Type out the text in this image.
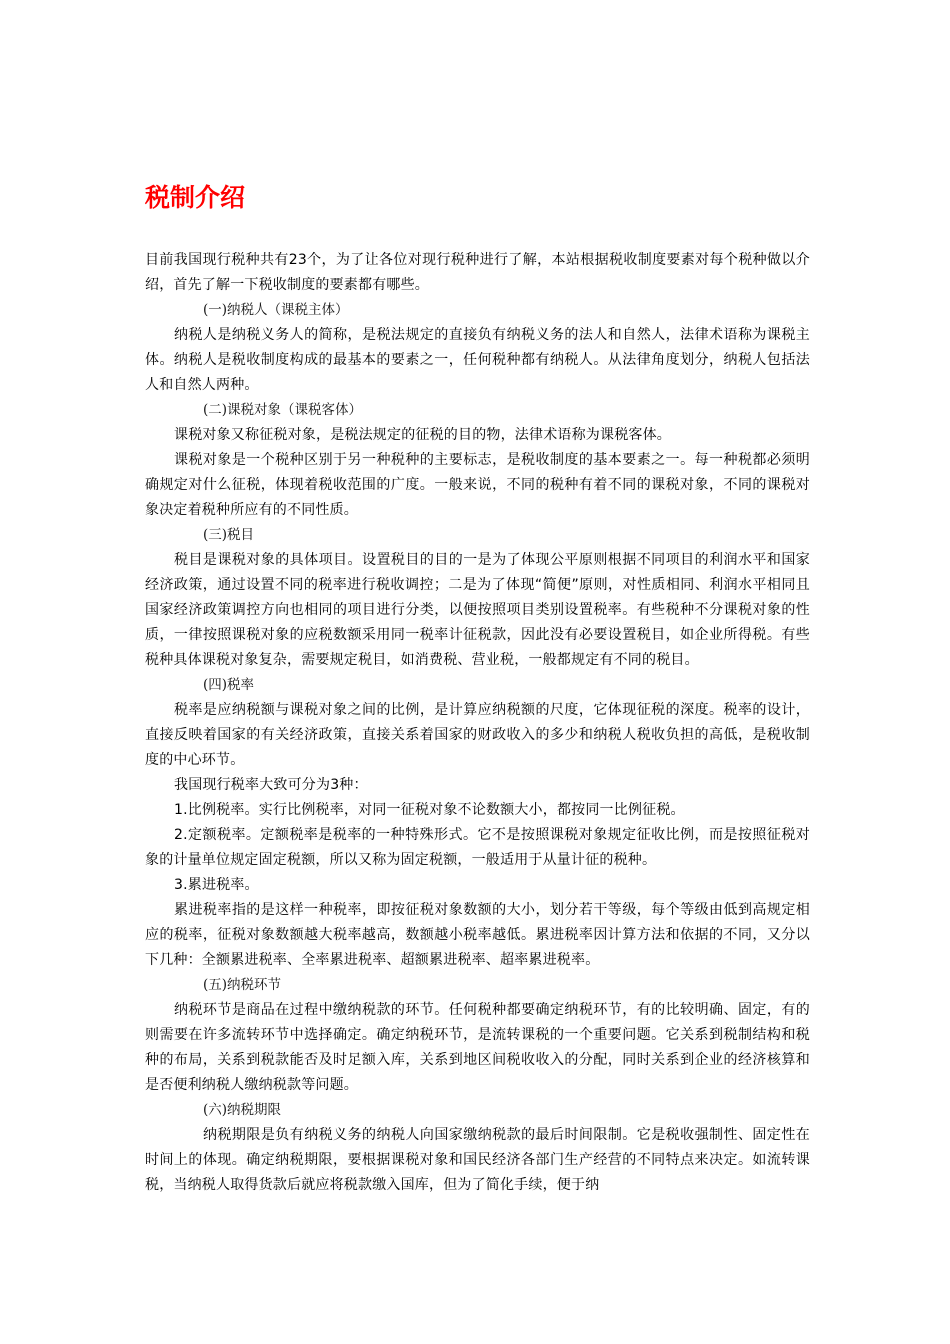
税制介绍

目前我国现行税种共有23个，为了让各位对现行税种进行了解，本站根据税收制度要素对每个税种做以介绍，首先了解一下税收制度的要素都有哪些。

(一)纳税人（课税主体）

纳税人是纳税义务人的简称，是税法规定的直接负有纳税义务的法人和自然人，法律术语称为课税主体。纳税人是税收制度构成的最基本的要素之一，任何税种都有纳税人。从法律角度划分，纳税人包括法人和自然人两种。

(二)课税对象（课税客体）

课税对象又称征税对象，是税法规定的征税的目的物，法律术语称为课税客体。

课税对象是一个税种区别于另一种税种的主要标志，是税收制度的基本要素之一。每一种税都必须明确规定对什么征税，体现着税收范围的广度。一般来说，不同的税种有着不同的课税对象，不同的课税对象决定着税种所应有的不同性质。

(三)税目

税目是课税对象的具体项目。设置税目的目的一是为了体现公平原则根据不同项目的利润水平和国家经济政策，通过设置不同的税率进行税收调控；二是为了体现“简便”原则，对性质相同、利润水平相同且国家经济政策调控方向也相同的项目进行分类，以便按照项目类别设置税率。有些税种不分课税对象的性质，一律按照课税对象的应税数额采用同一税率计征税款，因此没有必要设置税目，如企业所得税。有些税种具体课税对象复杂，需要规定税目，如消费税、营业税，一般都规定有不同的税目。

(四)税率

税率是应纳税额与课税对象之间的比例，是计算应纳税额的尺度，它体现征税的深度。税率的设计，直接反映着国家的有关经济政策，直接关系着国家的财政收入的多少和纳税人税收负担的高低，是税收制度的中心环节。

我国现行税率大致可分为3种：

1.比例税率。实行比例税率，对同一征税对象不论数额大小，都按同一比例征税。

2.定额税率。定额税率是税率的一种特殊形式。它不是按照课税对象规定征收比例，而是按照征税对象的计量单位规定固定税额，所以又称为固定税额，一般适用于从量计征的税种。

3.累进税率。

累进税率指的是这样一种税率，即按征税对象数额的大小，划分若干等级，每个等级由低到高规定相应的税率，征税对象数额越大税率越高，数额越小税率越低。累进税率因计算方法和依据的不同，又分以下几种：全额累进税率、全率累进税率、超额累进税率、超率累进税率。

(五)纳税环节

纳税环节是商品在过程中缴纳税款的环节。任何税种都要确定纳税环节，有的比较明确、固定，有的则需要在许多流转环节中选择确定。确定纳税环节，是流转课税的一个重要问题。它关系到税制结构和税种的布局，关系到税款能否及时足额入库，关系到地区间税收收入的分配，同时关系到企业的经济核算和是否便利纳税人缴纳税款等问题。

(六)纳税期限

纳税期限是负有纳税义务的纳税人向国家缴纳税款的最后时间限制。它是税收强制性、固定性在时间上的体现。确定纳税期限，要根据课税对象和国民经济各部门生产经营的不同特点来决定。如流转课税，当纳税人取得货款后就应将税款缴入国库，但为了简化手续，便于纳
